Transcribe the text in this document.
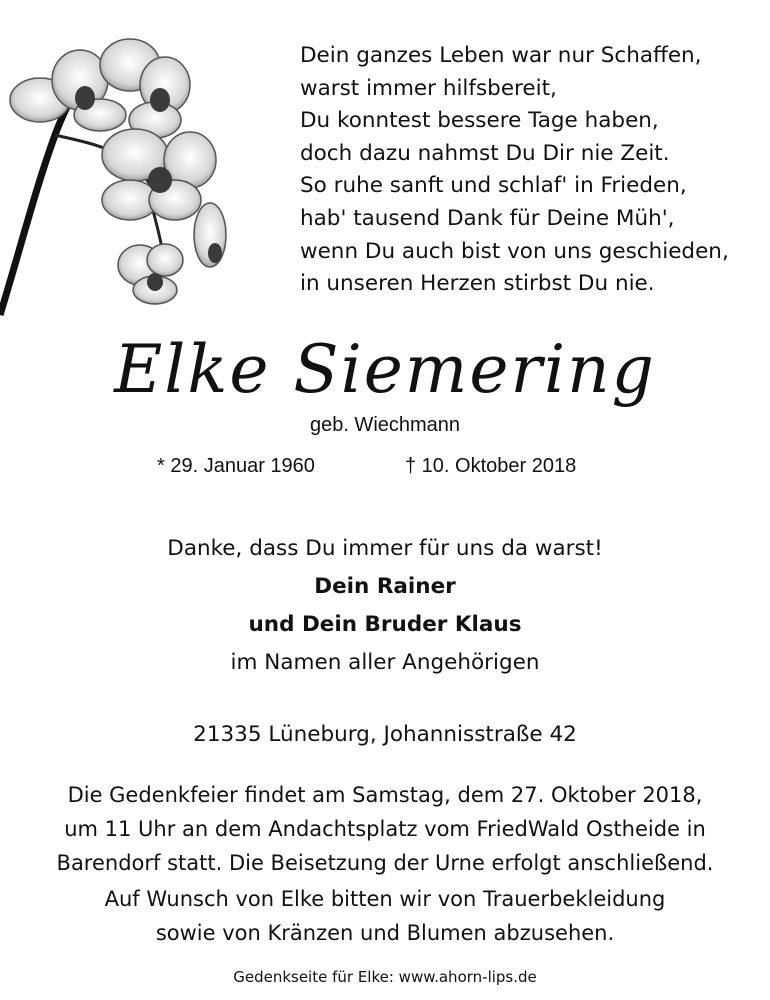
Dein ganzes Leben war nur Schaffen,
warst immer hilfsbereit,
Du konntest bessere Tage haben,
doch dazu nahmst Du Dir nie Zeit.
So ruhe sanft und schlaf' in Frieden,
hab' tausend Dank für Deine Müh',
wenn Du auch bist von uns geschieden,
in unseren Herzen stirbst Du nie.
Elke Siemering
geb. Wiechmann
* 29. Januar 1960	† 10. Oktober 2018
Danke, dass Du immer für uns da warst!
Dein Rainer
und Dein Bruder Klaus
im Namen aller Angehörigen
21335 Lüneburg, Johannisstraße 42
Die Gedenkfeier findet am Samstag, dem 27. Oktober 2018,
um 11 Uhr an dem Andachtsplatz vom FriedWald Ostheide in
Barendorf statt. Die Beisetzung der Urne erfolgt anschließend.
Auf Wunsch von Elke bitten wir von Trauerbekleidung
sowie von Kränzen und Blumen abzusehen.
Gedenkseite für Elke: www.ahorn-lips.de
